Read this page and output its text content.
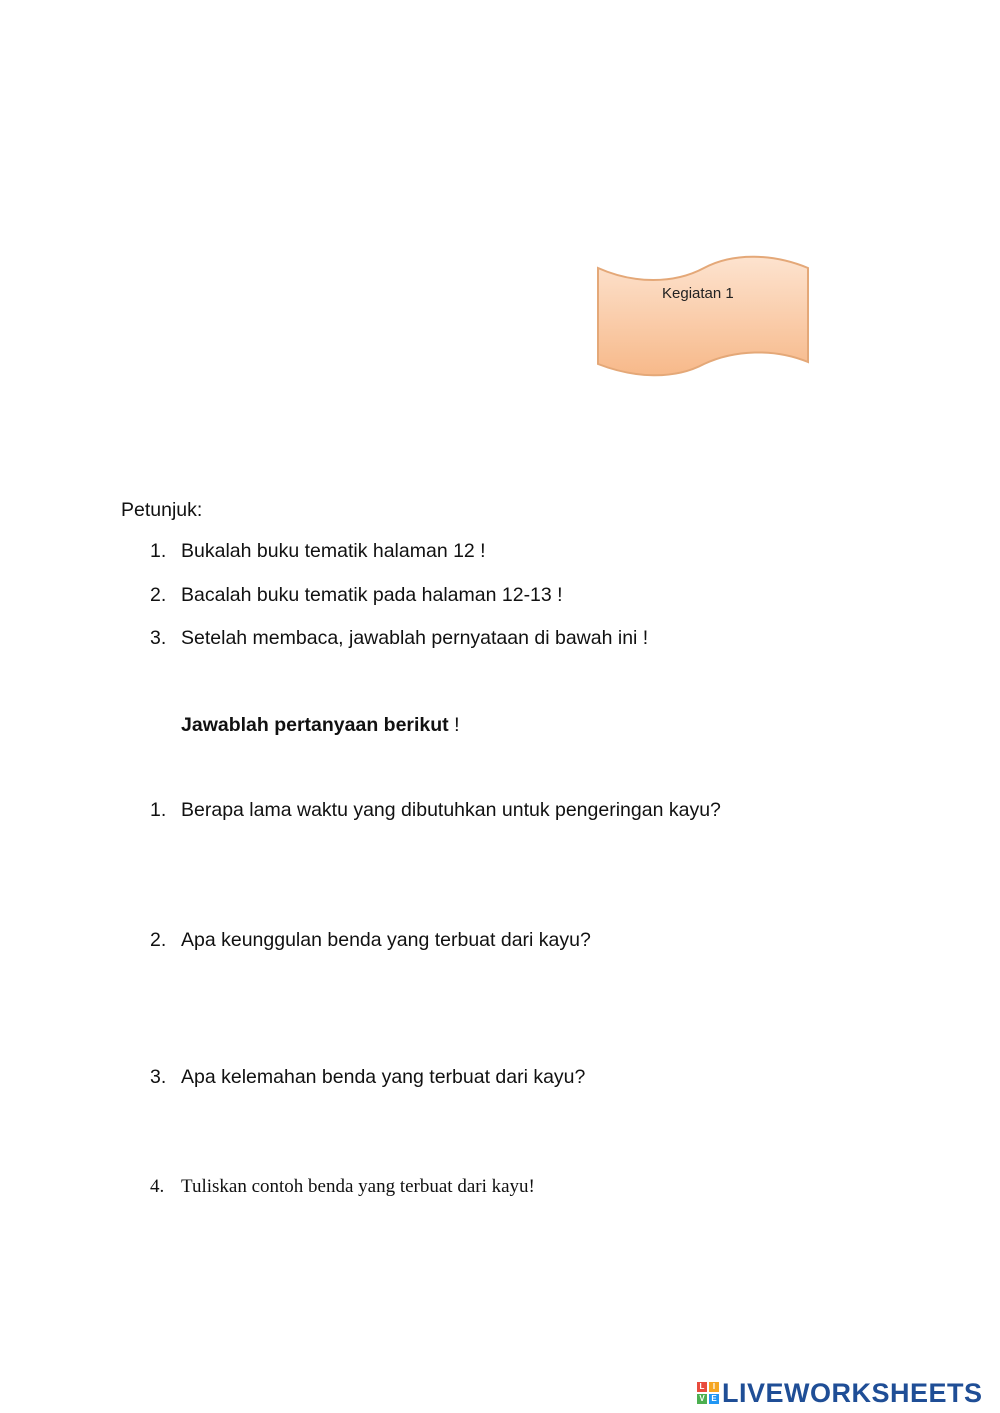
Kegiatan 1
Petunjuk:
1. Bukalah buku tematik halaman 12 !
2. Bacalah buku tematik pada halaman 12-13 !
3. Setelah membaca, jawablah pernyataan di bawah ini !
Jawablah pertanyaan berikut !
1. Berapa lama waktu yang dibutuhkan untuk pengeringan kayu?
2. Apa keunggulan benda yang terbuat dari kayu?
3. Apa kelemahan benda yang terbuat dari kayu?
4. Tuliskan contoh benda yang terbuat dari kayu!
L	I
V E LIVEWORKSHEETS
